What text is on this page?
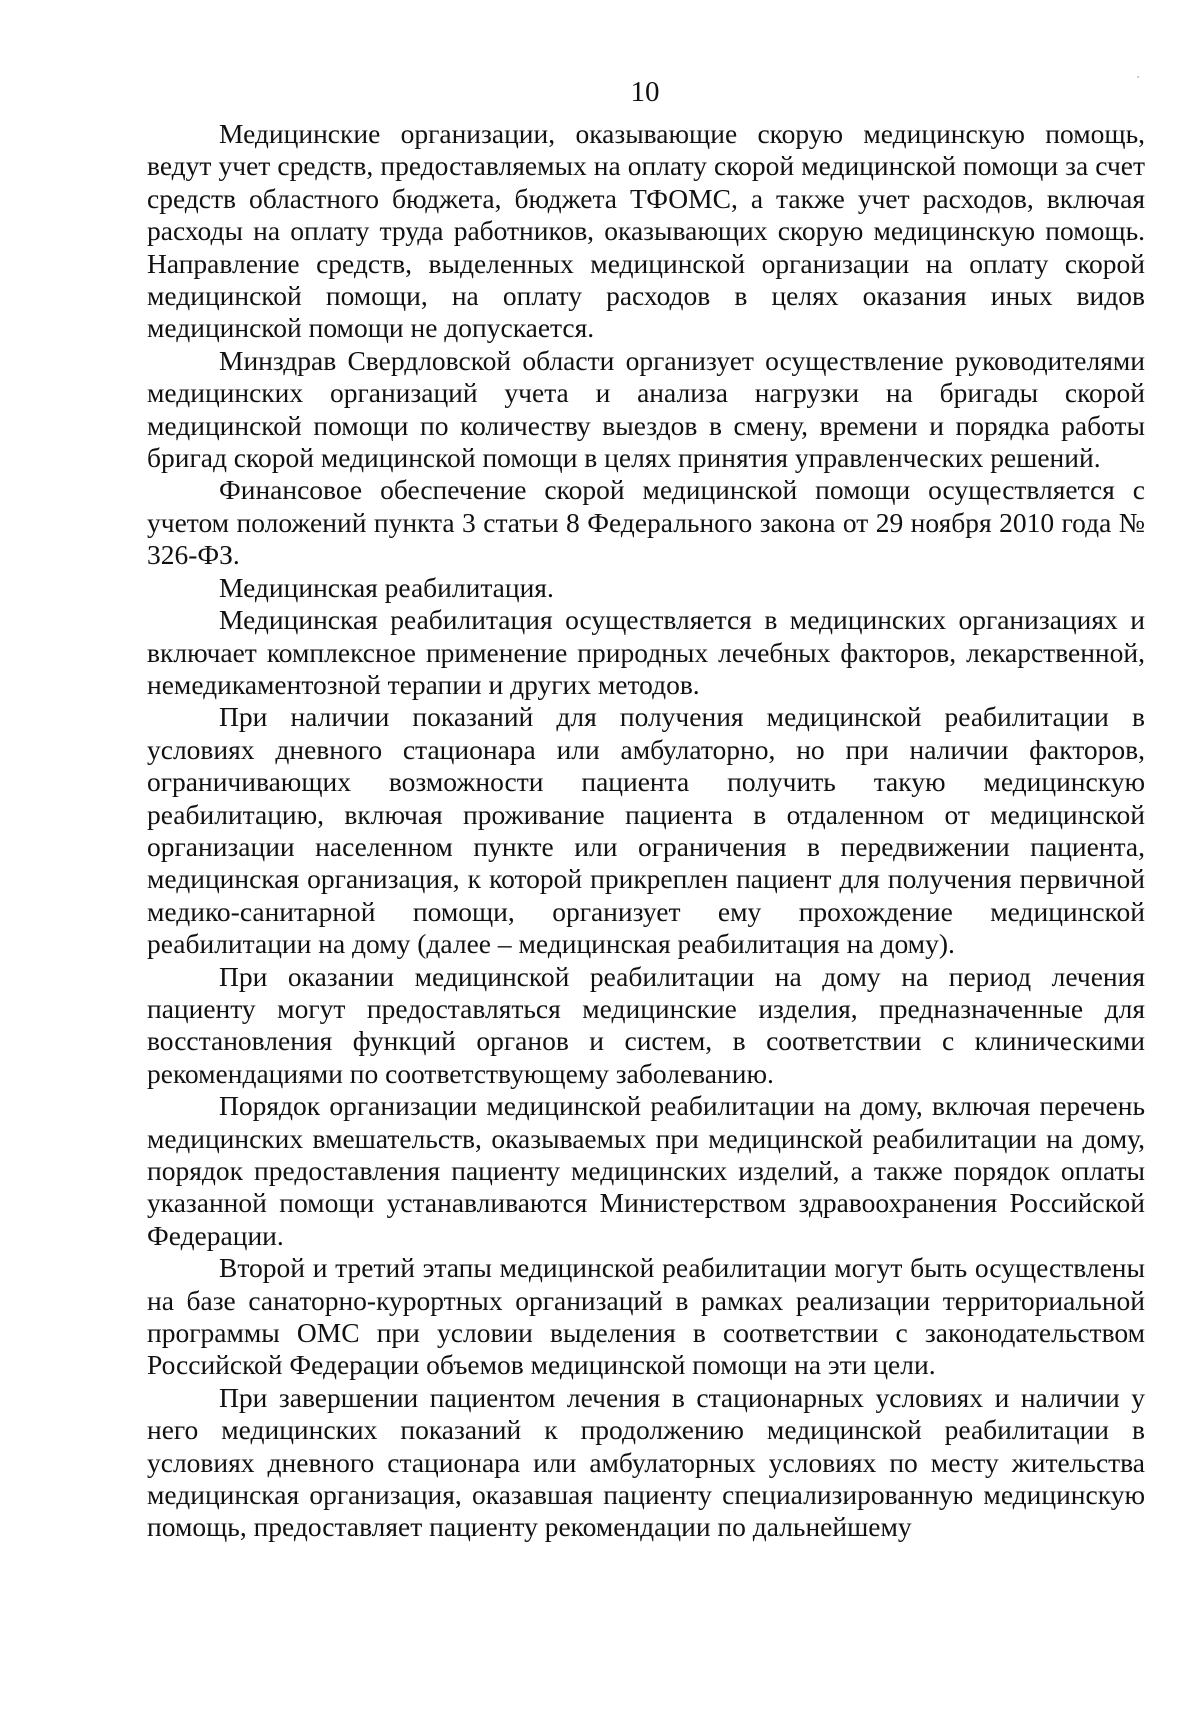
10

Медицинские организации, оказывающие скорую медицинскую помощь, ведут учет средств, предоставляемых на оплату скорой медицинской помощи за счет средств областного бюджета, бюджета ТФОМС, а также учет расходов, включая расходы на оплату труда работников, оказывающих скорую медицинскую помощь. Направление средств, выделенных медицинской организации на оплату скорой медицинской помощи, на оплату расходов в целях оказания иных видов медицинской помощи не допускается.

Минздрав Свердловской области организует осуществление руководителями медицинских организаций учета и анализа нагрузки на бригады скорой медицинской помощи по количеству выездов в смену, времени и порядка работы бригад скорой медицинской помощи в целях принятия управленческих решений.

Финансовое обеспечение скорой медицинской помощи осуществляется с учетом положений пункта 3 статьи 8 Федерального закона от 29 ноября 2010 года № 326-ФЗ.

Медицинская реабилитация.

Медицинская реабилитация осуществляется в медицинских организациях и включает комплексное применение природных лечебных факторов, лекарственной, немедикаментозной терапии и других методов.

При наличии показаний для получения медицинской реабилитации в условиях дневного стационара или амбулаторно, но при наличии факторов, ограничивающих возможности пациента получить такую медицинскую реабилитацию, включая проживание пациента в отдаленном от медицинской организации населенном пункте или ограничения в передвижении пациента, медицинская организация, к которой прикреплен пациент для получения первичной медико-санитарной помощи, организует ему прохождение медицинской реабилитации на дому (далее – медицинская реабилитация на дому).

При оказании медицинской реабилитации на дому на период лечения пациенту могут предоставляться медицинские изделия, предназначенные для восстановления функций органов и систем, в соответствии с клиническими рекомендациями по соответствующему заболеванию.

Порядок организации медицинской реабилитации на дому, включая перечень медицинских вмешательств, оказываемых при медицинской реабилитации на дому, порядок предоставления пациенту медицинских изделий, а также порядок оплаты указанной помощи устанавливаются Министерством здравоохранения Российской Федерации.

Второй и третий этапы медицинской реабилитации могут быть осуществлены на базе санаторно-курортных организаций в рамках реализации территориальной программы ОМС при условии выделения в соответствии с законодательством Российской Федерации объемов медицинской помощи на эти цели.

При завершении пациентом лечения в стационарных условиях и наличии у него медицинских показаний к продолжению медицинской реабилитации в условиях дневного стационара или амбулаторных условиях по месту жительства медицинская организация, оказавшая пациенту специализированную медицинскую помощь, предоставляет пациенту рекомендации по дальнейшему
